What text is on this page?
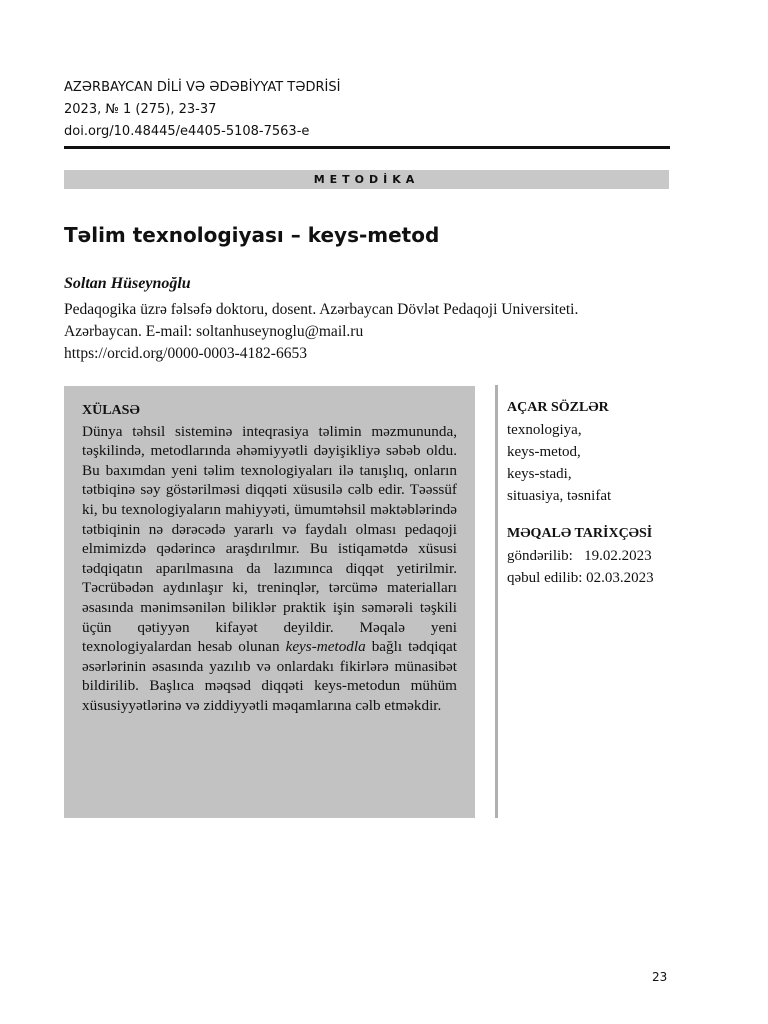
AZƏRBAYCAN DİLİ VƏ ƏDƏBİYYAT TƏDRİSİ
2023, № 1 (275), 23-37
doi.org/10.48445/e4405-5108-7563-e
METODİKA
Təlim texnologiyası – keys-metod
Soltan Hüseynoğlu
Pedaqogika üzrə fəlsəfə doktoru, dosent. Azərbaycan Dövlət Pedaqoji Universiteti.
Azərbaycan. E-mail: soltanhuseynoglu@mail.ru
https://orcid.org/0000-0003-4182-6653
XÜLASƏ
Dünya təhsil sisteminə inteqrasiya təlimin məzmununda, təşkilində, metodlarında əhəmiyyətli dəyişikliyə səbəb oldu. Bu baxımdan yeni təlim texnologiyaları ilə tanışlıq, onların tətbiqinə səy göstərilməsi diqqəti xüsusilə cəlb edir. Təəssüf ki, bu texnologiyaların mahiyyəti, ümumtəhsil məktəblərində tətbiqinin nə dərəcədə yararlı və faydalı olması pedaqoji elmimizdə qədərincə araşdırılmır. Bu istiqamətdə xüsusi tədqiqatın aparılmasına da lazımınca diqqət yetirilmir. Təcrübədən aydınlaşır ki, treninqlər, tərcümə materialları əsasında mənimsənilən biliklər praktik işin səmərəli təşkili üçün qətiyyən kifayət deyildir. Məqalə yeni texnologiyalardan hesab olunan keys-metodla bağlı tədqiqat əsərlərinin əsasında yazılıb və onlardakı fikirlərə münasibət bildirilib. Başlıca məqsəd diqqəti keys-metodun mühüm xüsusiyyətlərinə və ziddiyyətli məqamlarına cəlb etməkdir.
AÇAR SÖZLƏR
texnologiya,
keys-metod,
keys-stadi,
situasiya, təsnifat
MƏQALƏ TARİXÇƏSİ
göndərilib:   19.02.2023
qəbul edilib: 02.03.2023
23
